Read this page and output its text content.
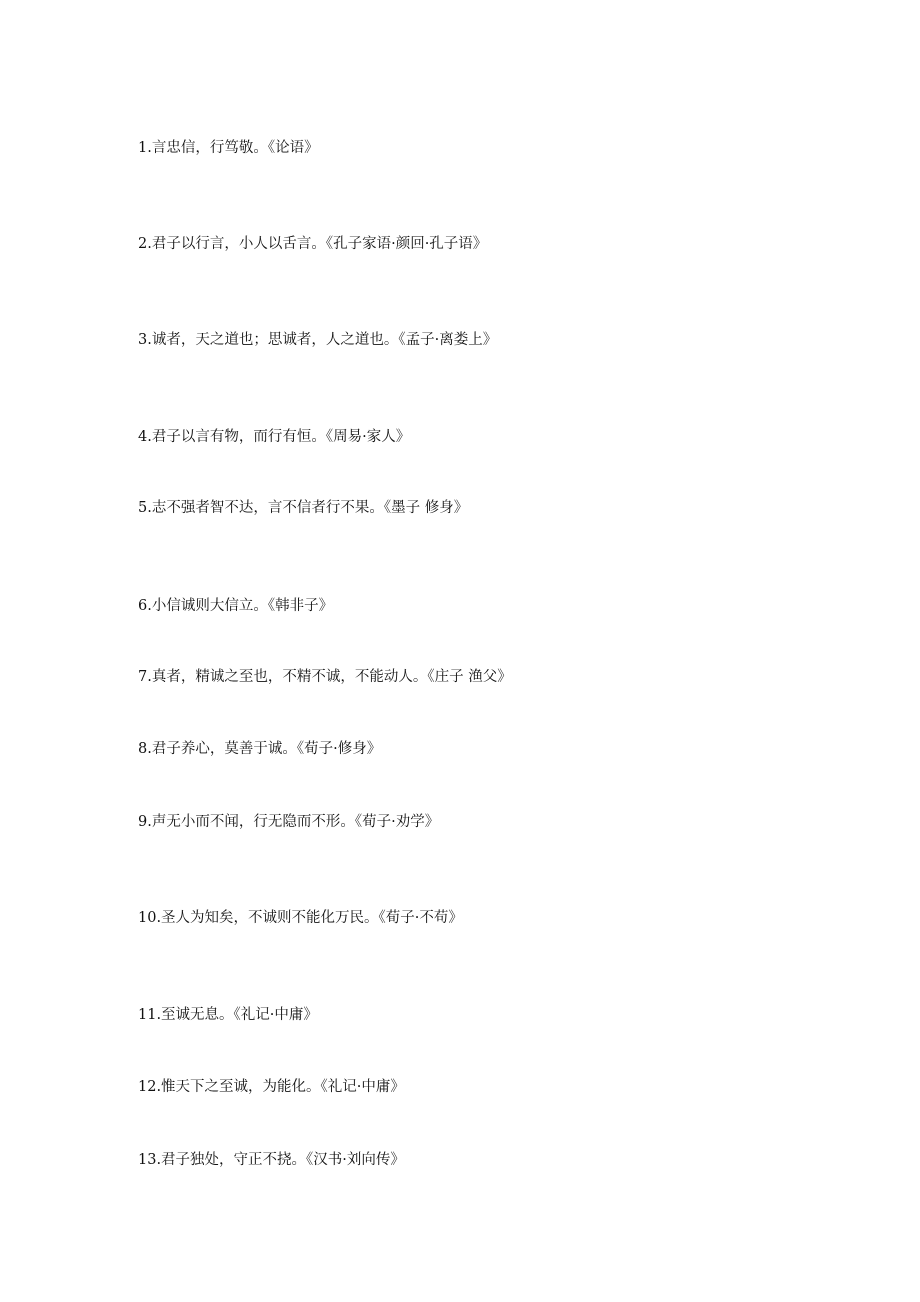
1.言忠信，行笃敬。《论语》

2.君子以行言，小人以舌言。《孔子家语·颜回·孔子语》

3.诚者，天之道也；思诚者，人之道也。《孟子·离娄上》

4.君子以言有物，而行有恒。《周易·家人》

5.志不强者智不达，言不信者行不果。《墨子 修身》

6.小信诚则大信立。《韩非子》

7.真者，精诚之至也，不精不诚，不能动人。《庄子 渔父》

8.君子养心，莫善于诚。《荀子·修身》

9.声无小而不闻，行无隐而不形。《荀子·劝学》

10.圣人为知矣，不诚则不能化万民。《荀子·不苟》

11.至诚无息。《礼记·中庸》

12.惟天下之至诚，为能化。《礼记·中庸》

13.君子独处，守正不挠。《汉书·刘向传》
